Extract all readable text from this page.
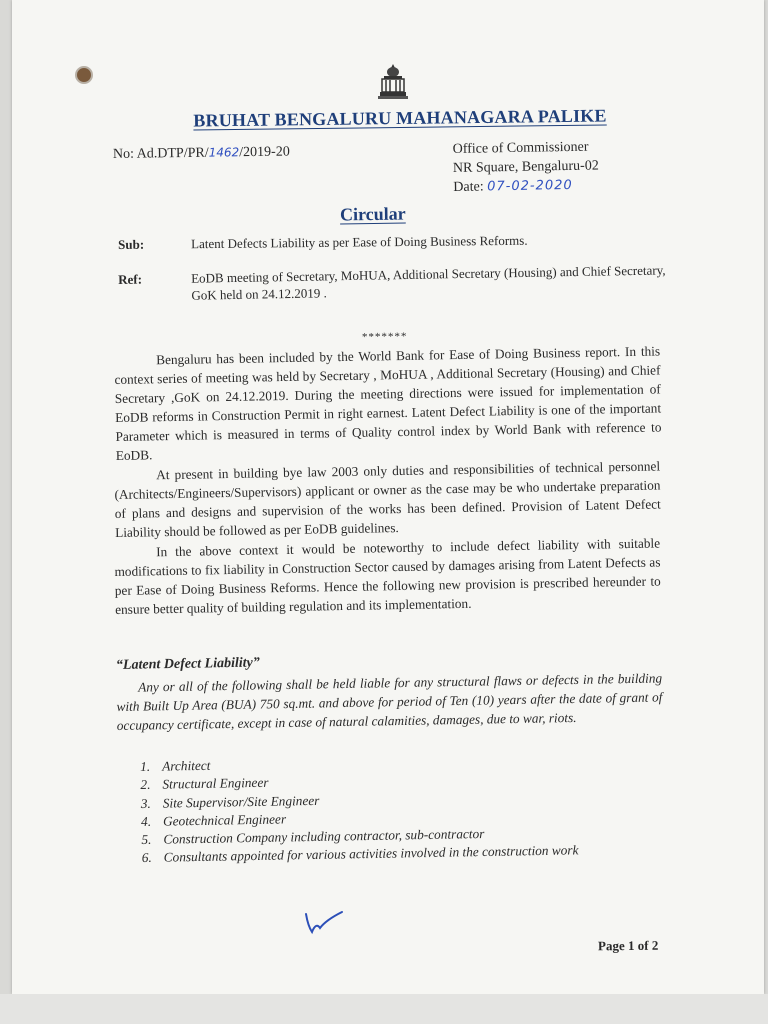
BRUHAT BENGALURU MAHANAGARA PALIKE
No: Ad.DTP/PR/1462/2019-20	Office of Commissioner
NR Square, Bengaluru-02
Date: 07-02-2020
Circular
Sub:	Latent Defects Liability as per Ease of Doing Business Reforms.
Ref:	EoDB meeting of Secretary, MoHUA, Additional Secretary (Housing) and Chief Secretary, GoK held on 24.12.2019 .
*******
Bengaluru has been included by the World Bank for Ease of Doing Business report. In this context series of meeting was held by Secretary , MoHUA , Additional Secretary (Housing) and Chief Secretary ,GoK on 24.12.2019. During the meeting directions were issued for implementation of EoDB reforms in Construction Permit in right earnest. Latent Defect Liability is one of the important Parameter which is measured in terms of Quality control index by World Bank with reference to EoDB.
At present in building bye law 2003 only duties and responsibilities of technical personnel (Architects/Engineers/Supervisors) applicant or owner as the case may be who undertake preparation of plans and designs and supervision of the works has been defined. Provision of Latent Defect Liability should be followed as per EoDB guidelines.
In the above context it would be noteworthy to include defect liability with suitable modifications to fix liability in Construction Sector caused by damages arising from Latent Defects as per Ease of Doing Business Reforms. Hence the following new provision is prescribed hereunder to ensure better quality of building regulation and its implementation.
“Latent Defect Liability”
Any or all of the following shall be held liable for any structural flaws or defects in the building with Built Up Area (BUA) 750 sq.mt. and above for period of Ten (10) years after the date of grant of occupancy certificate, except in case of natural calamities, damages, due to war, riots.
1. Architect
2. Structural Engineer
3. Site Supervisor/Site Engineer
4. Geotechnical Engineer
5. Construction Company including contractor, sub-contractor
6. Consultants appointed for various activities involved in the construction work
Page 1 of 2
